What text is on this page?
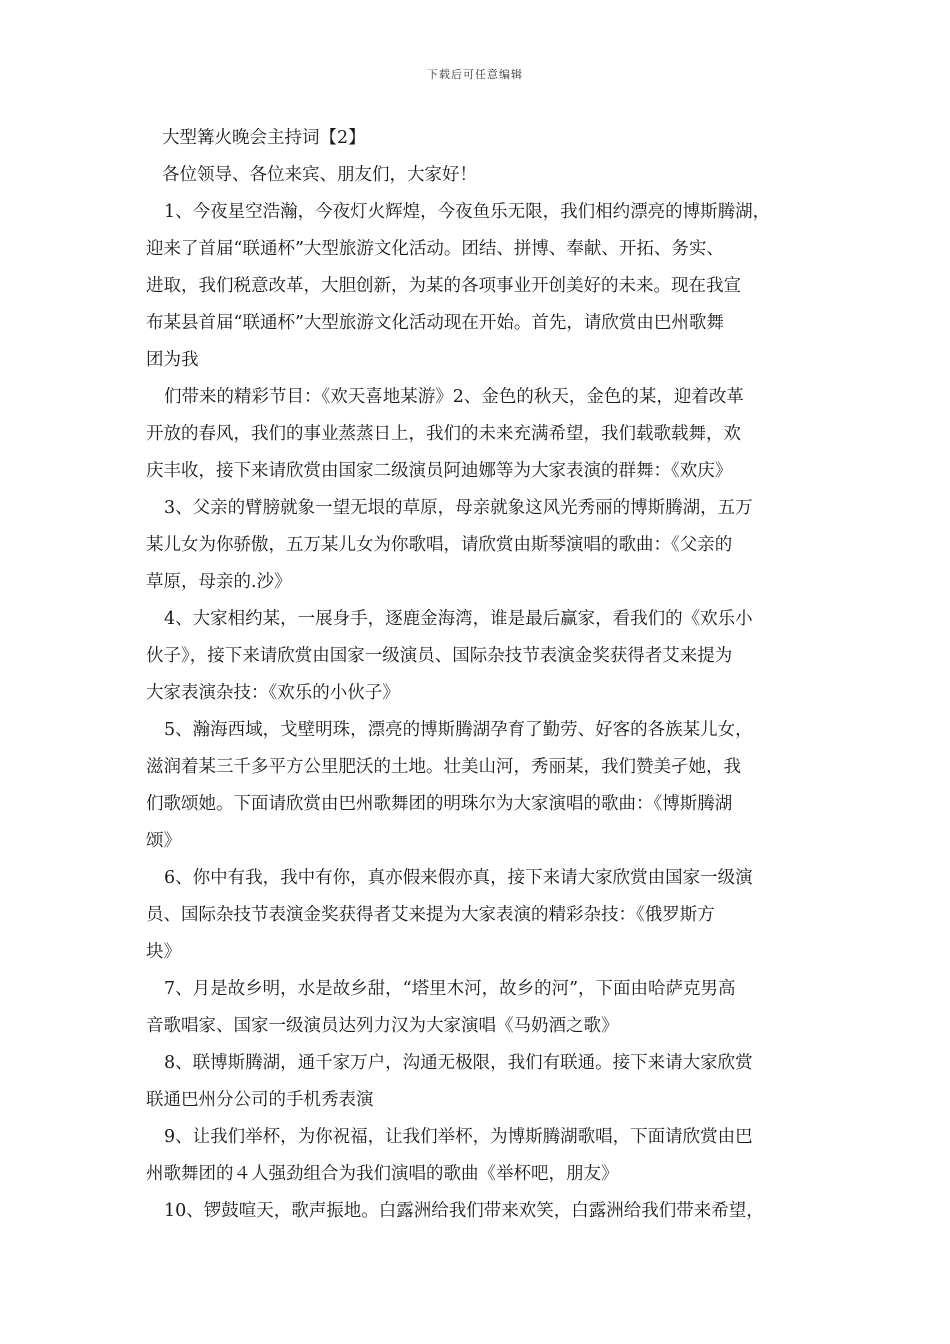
下载后可任意编辑
大型篝火晚会主持词【2】
各位领导、各位来宾、朋友们，大家好！
1、今夜星空浩瀚，今夜灯火辉煌，今夜鱼乐无限，我们相约漂亮的博斯腾湖，
迎来了首届“联通杯”大型旅游文化活动。团结、拼博、奉献、开拓、务实、
进取，我们税意改革，大胆创新，为某的各项事业开创美好的未来。现在我宣
布某县首届“联通杯”大型旅游文化活动现在开始。首先，请欣赏由巴州歌舞
团为我
们带来的精彩节目：《欢天喜地某游》2、金色的秋天，金色的某，迎着改革
开放的春风，我们的事业蒸蒸日上，我们的未来充满希望，我们载歌载舞，欢
庆丰收，接下来请欣赏由国家二级演员阿迪娜等为大家表演的群舞：《欢庆》
3、父亲的臂膀就象一望无垠的草原，母亲就象这风光秀丽的博斯腾湖，五万
某儿女为你骄傲，五万某儿女为你歌唱，请欣赏由斯琴演唱的歌曲：《父亲的
草原，母亲的.沙》
4、大家相约某，一展身手，逐鹿金海湾，谁是最后赢家，看我们的《欢乐小
伙子》，接下来请欣赏由国家一级演员、国际杂技节表演金奖获得者艾来提为
大家表演杂技：《欢乐的小伙子》
5、瀚海西域，戈壁明珠，漂亮的博斯腾湖孕育了勤劳、好客的各族某儿女，
滋润着某三千多平方公里肥沃的土地。壮美山河，秀丽某，我们赞美孑她，我
们歌颂她。下面请欣赏由巴州歌舞团的明珠尔为大家演唱的歌曲：《博斯腾湖
颂》
6、你中有我，我中有你，真亦假来假亦真，接下来请大家欣赏由国家一级演
员、国际杂技节表演金奖获得者艾来提为大家表演的精彩杂技：《俄罗斯方
块》
7、月是故乡明，水是故乡甜，“塔里木河，故乡的河”，下面由哈萨克男高
音歌唱家、国家一级演员达列力汉为大家演唱《马奶酒之歌》
8、联博斯腾湖，通千家万户，沟通无极限，我们有联通。接下来请大家欣赏
联通巴州分公司的手机秀表演
9、让我们举杯，为你祝福，让我们举杯，为博斯腾湖歌唱，下面请欣赏由巴
州歌舞团的４人强劲组合为我们演唱的歌曲《举杯吧，朋友》
10、锣鼓喧天，歌声振地。白露洲给我们带来欢笑，白露洲给我们带来希望，
